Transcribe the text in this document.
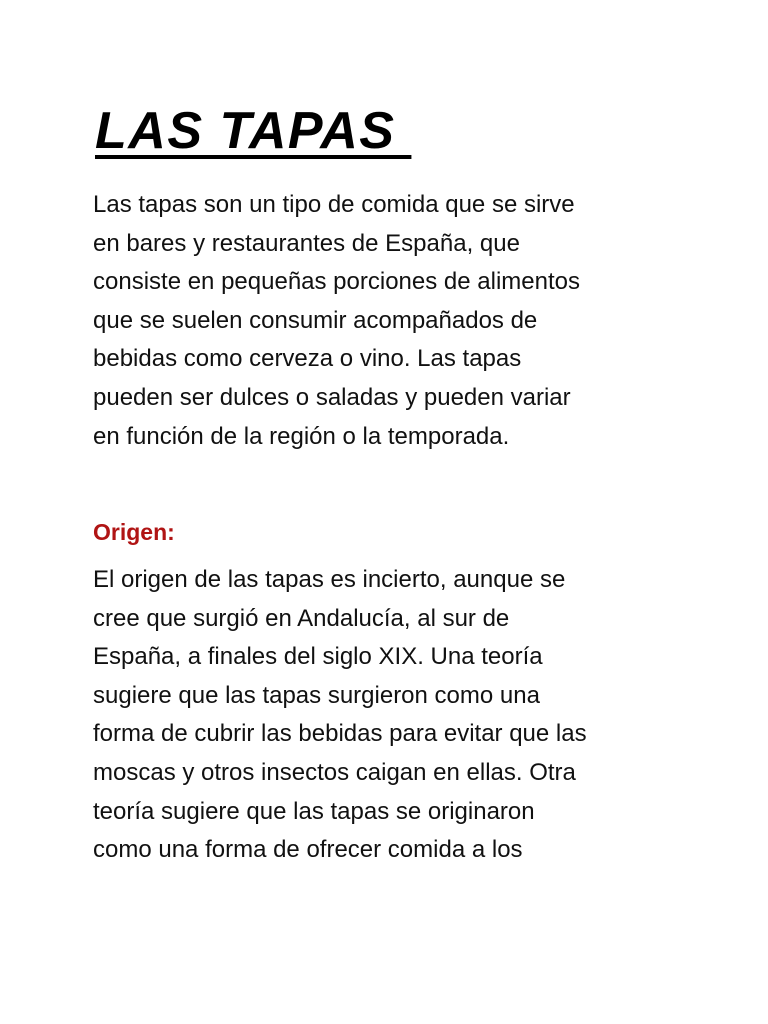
LAS TAPAS

Las tapas son un tipo de comida que se sirve
en bares y restaurantes de España, que
consiste en pequeñas porciones de alimentos
que se suelen consumir acompañados de
bebidas como cerveza o vino. Las tapas
pueden ser dulces o saladas y pueden variar
en función de la región o la temporada.

Origen:

El origen de las tapas es incierto, aunque se
cree que surgió en Andalucía, al sur de
España, a finales del siglo XIX. Una teoría
sugiere que las tapas surgieron como una
forma de cubrir las bebidas para evitar que las
moscas y otros insectos caigan en ellas. Otra
teoría sugiere que las tapas se originaron
como una forma de ofrecer comida a los
